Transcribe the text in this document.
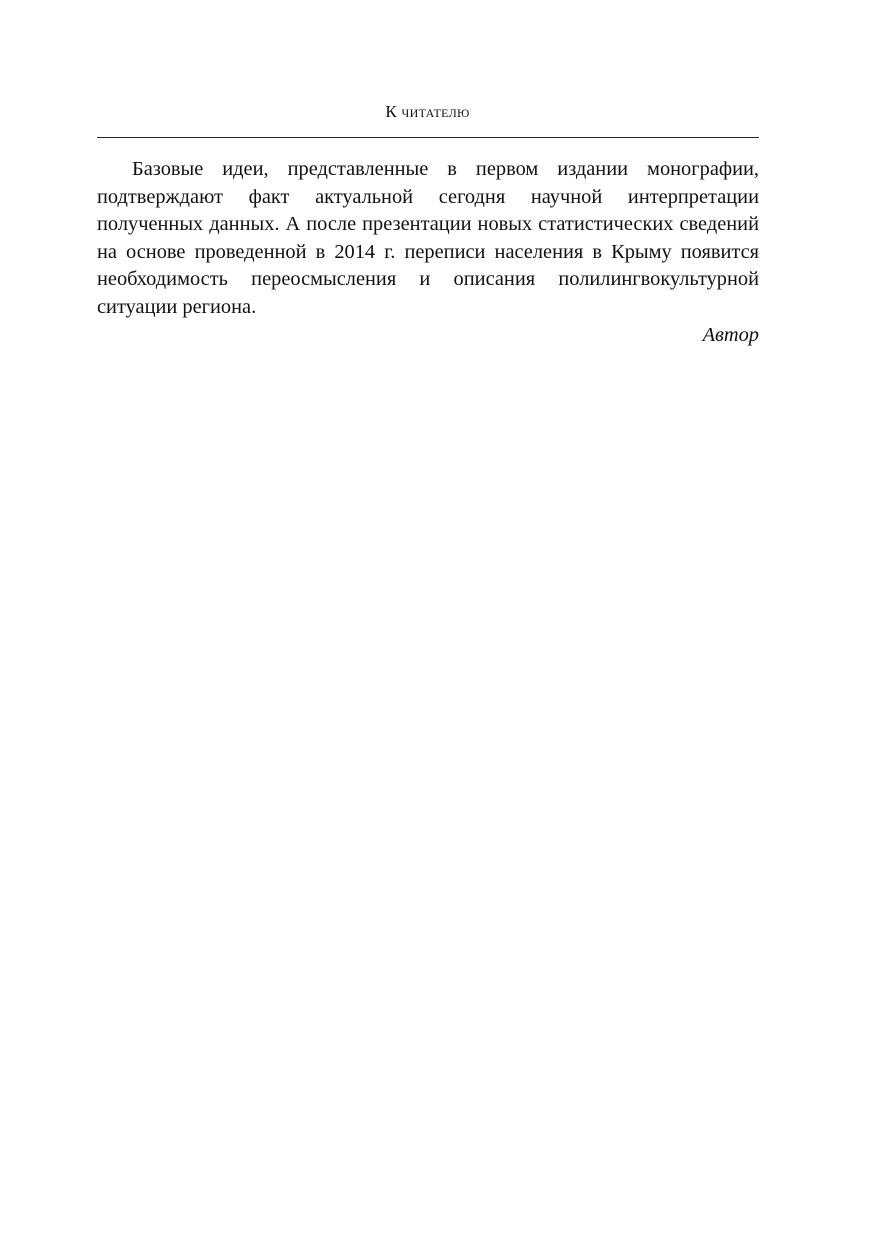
К читателю

Базовые идеи, представленные в первом издании монографии, подтверждают факт актуальной сегодня научной интерпретации полученных данных. А после презентации новых статистических сведений на основе проведенной в 2014 г. переписи населения в Крыму появится необходимость переосмысления и описания полилингвокультурной ситуации региона.

Автор
